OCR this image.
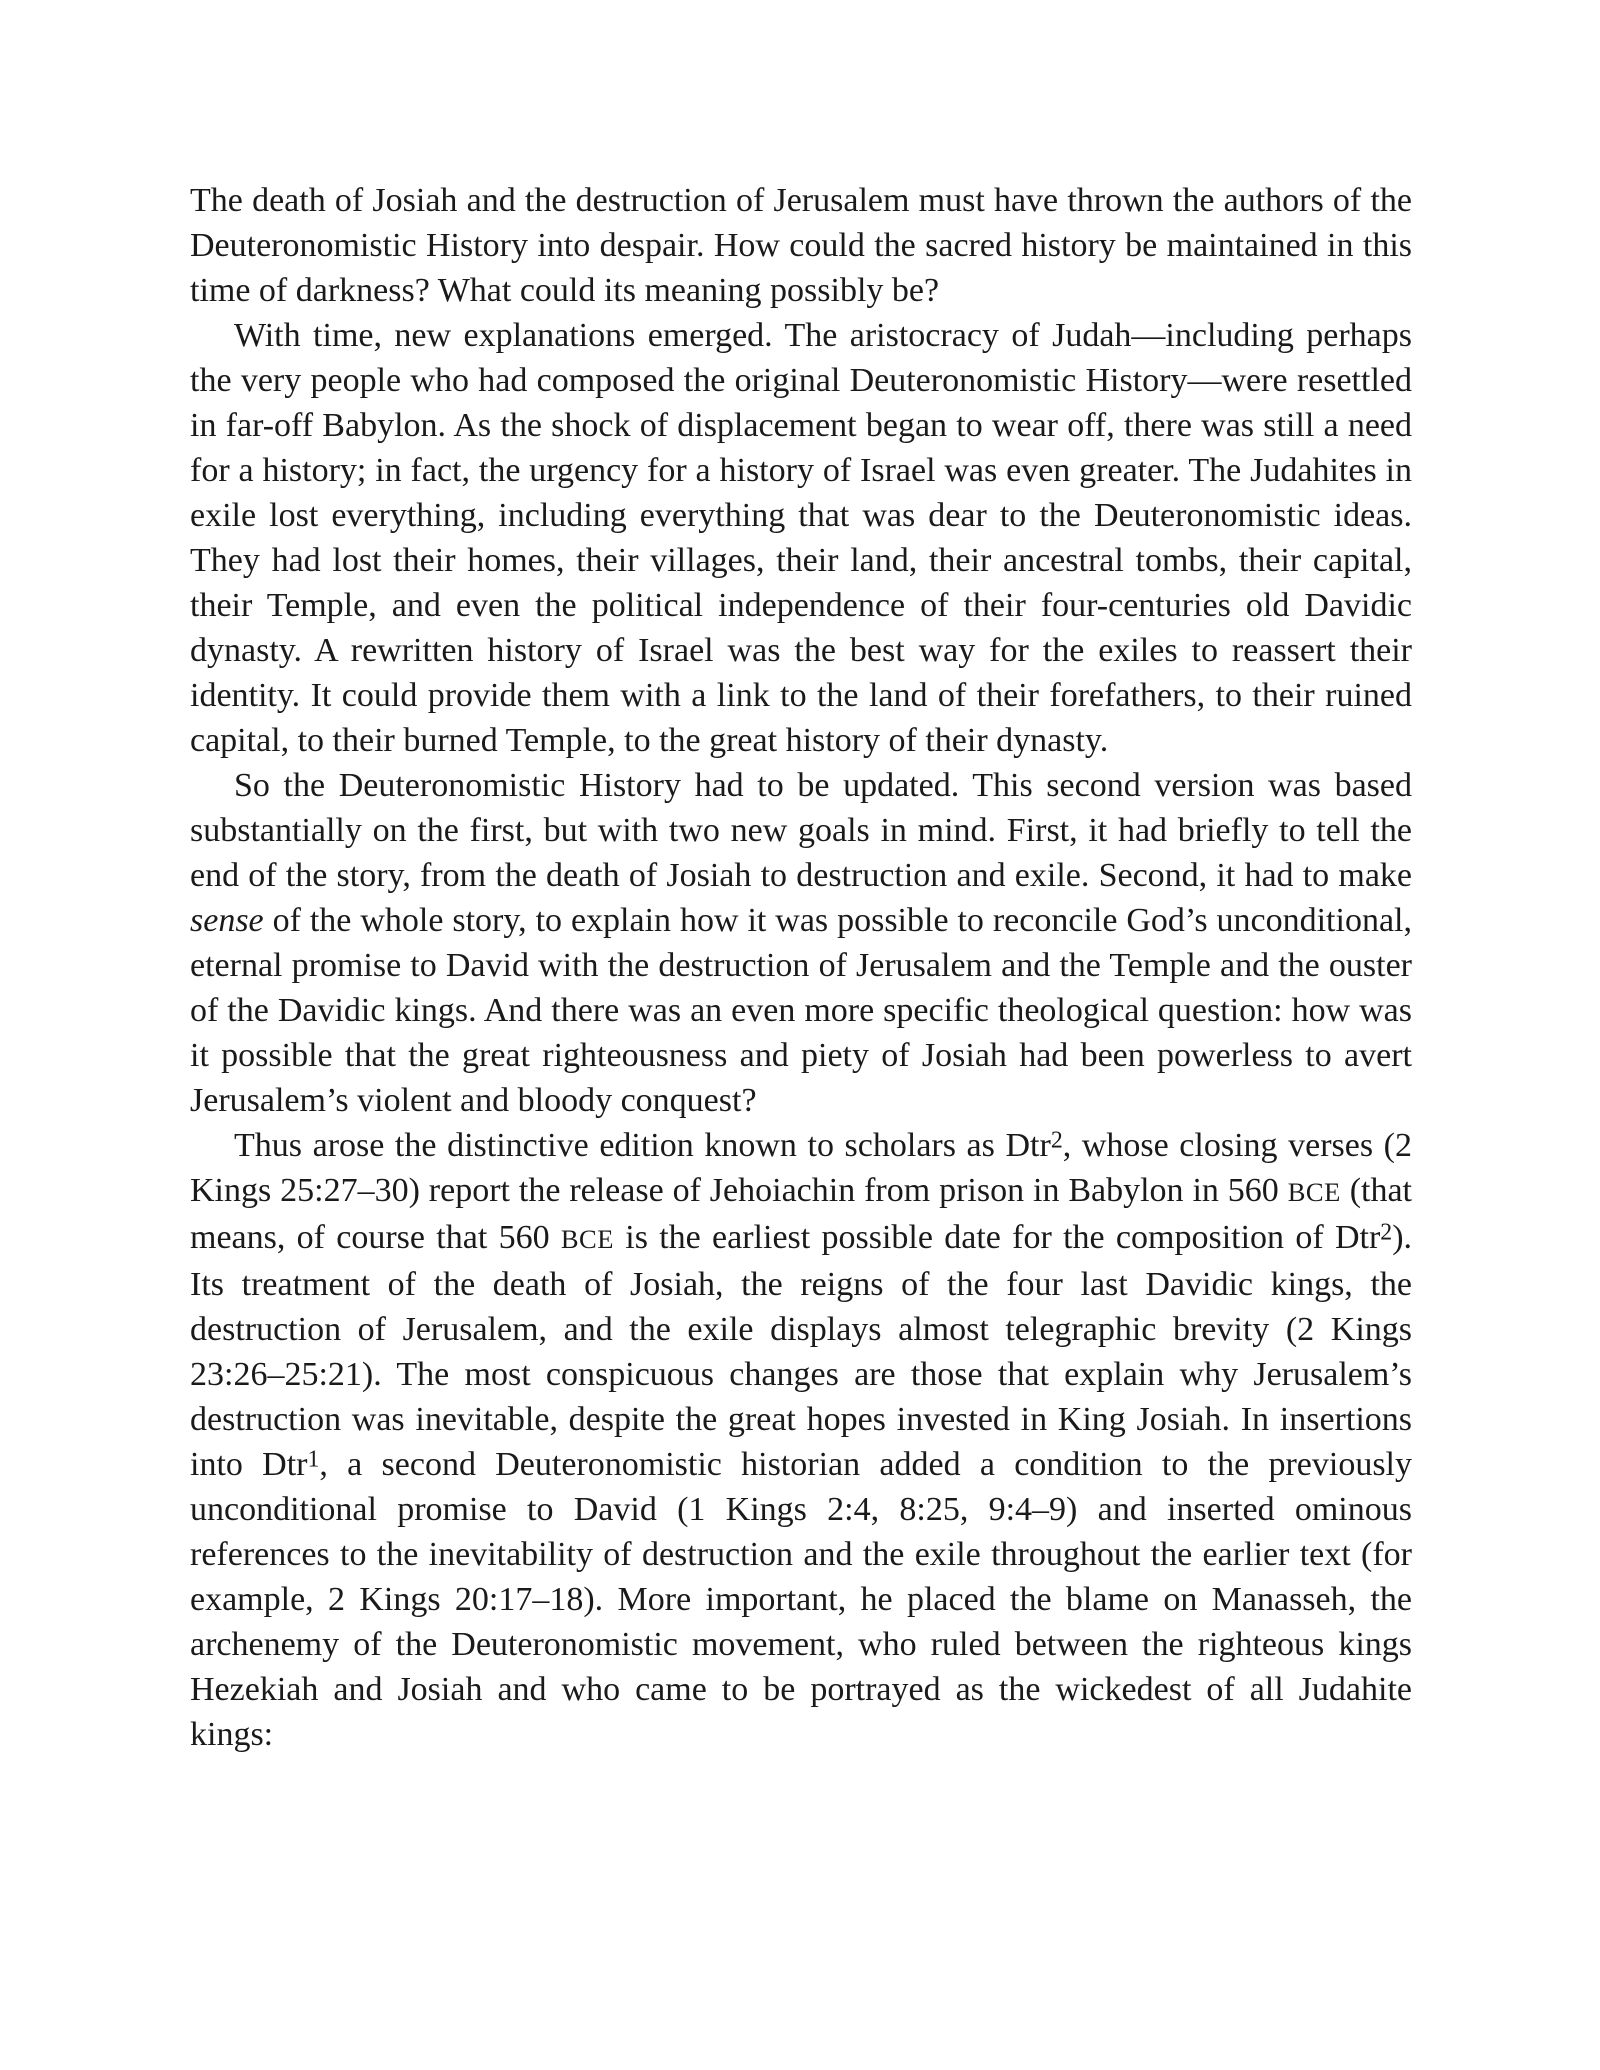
The death of Josiah and the destruction of Jerusalem must have thrown the authors of the Deuteronomistic History into despair. How could the sacred history be maintained in this time of darkness? What could its meaning possibly be?

With time, new explanations emerged. The aristocracy of Judah—including perhaps the very people who had composed the original Deuteronomistic History—were resettled in far-off Babylon. As the shock of displacement began to wear off, there was still a need for a history; in fact, the urgency for a history of Israel was even greater. The Judahites in exile lost everything, including everything that was dear to the Deuteronomistic ideas. They had lost their homes, their villages, their land, their ancestral tombs, their capital, their Temple, and even the political independence of their four-centuries old Davidic dynasty. A rewritten history of Israel was the best way for the exiles to reassert their identity. It could provide them with a link to the land of their forefathers, to their ruined capital, to their burned Temple, to the great history of their dynasty.

So the Deuteronomistic History had to be updated. This second version was based substantially on the first, but with two new goals in mind. First, it had briefly to tell the end of the story, from the death of Josiah to destruction and exile. Second, it had to make sense of the whole story, to explain how it was possible to reconcile God’s unconditional, eternal promise to David with the destruction of Jerusalem and the Temple and the ouster of the Davidic kings. And there was an even more specific theological question: how was it possible that the great righteousness and piety of Josiah had been powerless to avert Jerusalem’s violent and bloody conquest?

Thus arose the distinctive edition known to scholars as Dtr$^2$, whose closing verses (2 Kings 25:27–30) report the release of Jehoiachin from prison in Babylon in 560 BCE (that means, of course that 560 BCE is the earliest possible date for the composition of Dtr$^2$). Its treatment of the death of Josiah, the reigns of the four last Davidic kings, the destruction of Jerusalem, and the exile displays almost telegraphic brevity (2 Kings 23:26–25:21). The most conspicuous changes are those that explain why Jerusalem’s destruction was inevitable, despite the great hopes invested in King Josiah. In insertions into Dtr$^1$, a second Deuteronomistic historian added a condition to the previously unconditional promise to David (1 Kings 2:4, 8:25, 9:4–9) and inserted ominous references to the inevitability of destruction and the exile throughout the earlier text (for example, 2 Kings 20:17–18). More important, he placed the blame on Manasseh, the archenemy of the Deuteronomistic movement, who ruled between the righteous kings Hezekiah and Josiah and who came to be portrayed as the wickedest of all Judahite kings:
